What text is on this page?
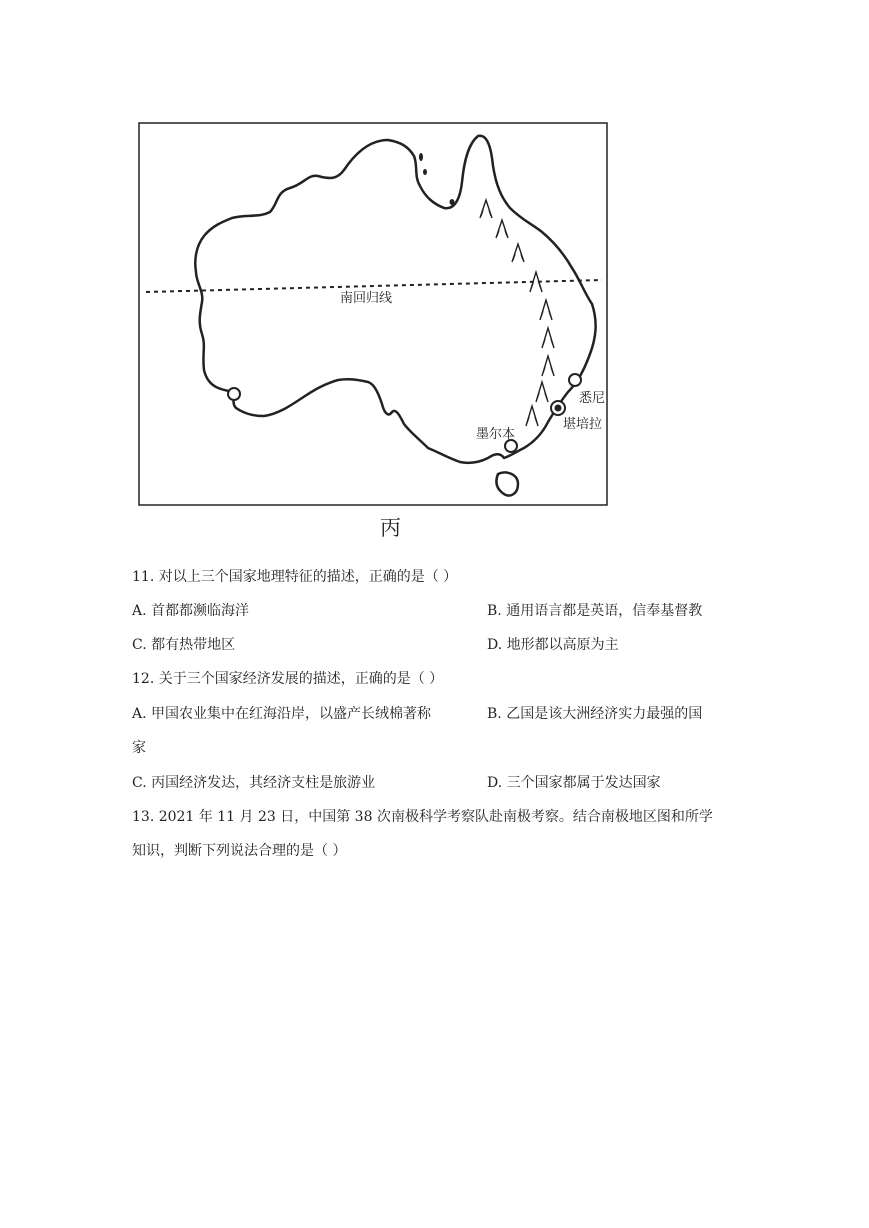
南回归线
悉尼
堪培拉
墨尔本
丙
11. 对以上三个国家地理特征的描述，正确的是（ ）
A. 首都都濒临海洋	B. 通用语言都是英语，信奉基督教
C. 都有热带地区	D. 地形都以高原为主
12. 关于三个国家经济发展的描述，正确的是（ ）
A. 甲国农业集中在红海沿岸，以盛产长绒棉著称	B. 乙国是该大洲经济实力最强的国
家
C. 丙国经济发达，其经济支柱是旅游业	D. 三个国家都属于发达国家
13. 2021 年 11 月 23 日，中国第 38 次南极科学考察队赴南极考察。结合南极地区图和所学
知识，判断下列说法合理的是（ ）
